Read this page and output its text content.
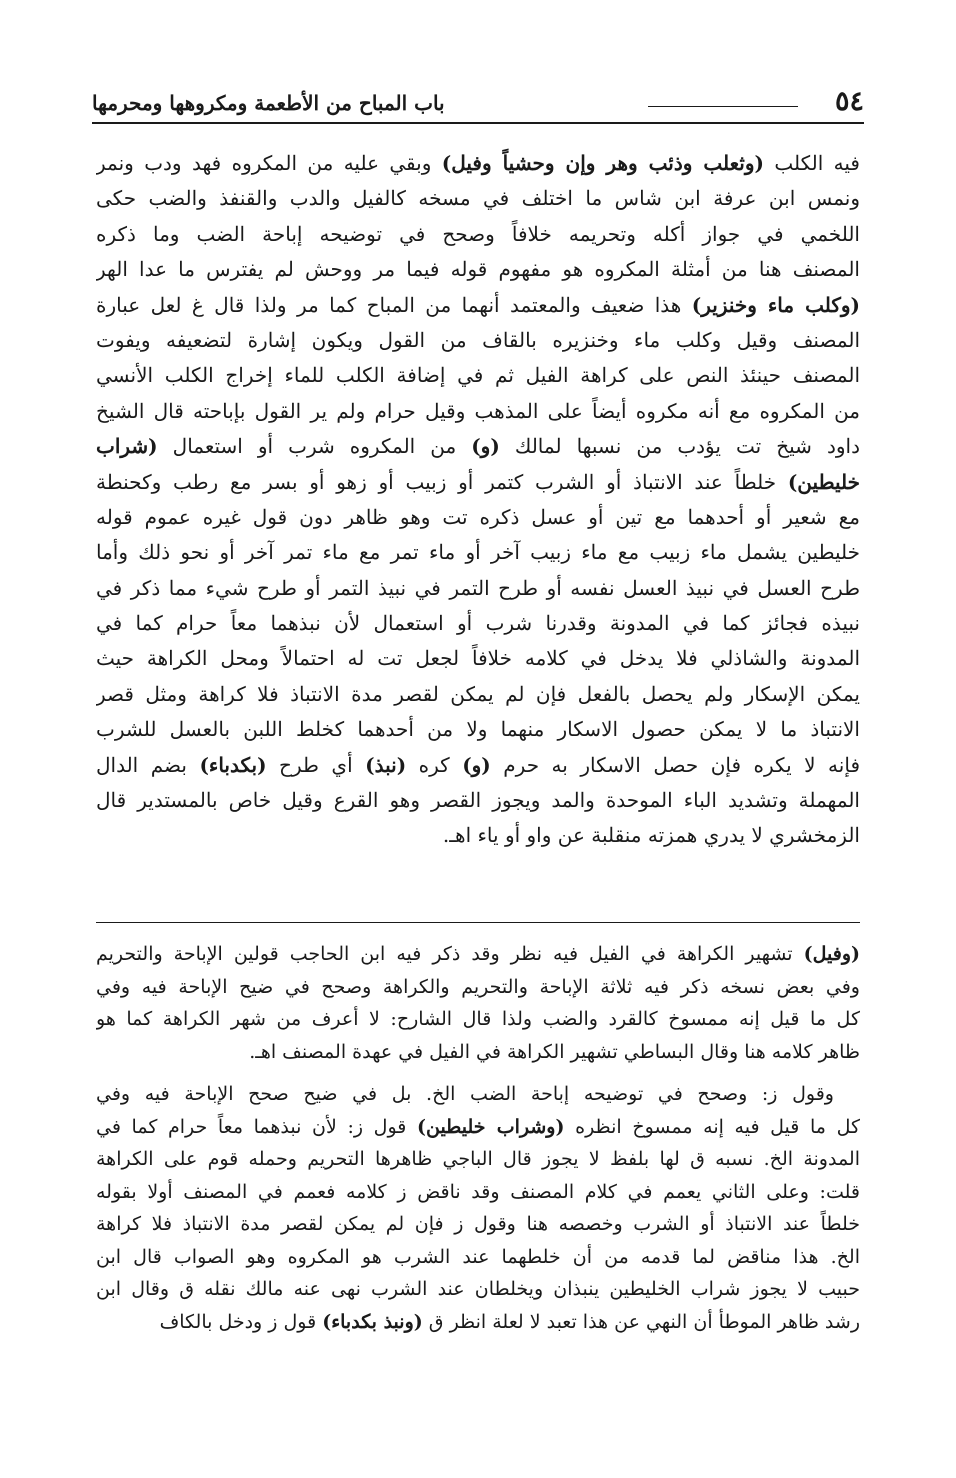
٥٤
باب المباح من الأطعمة ومكروهها ومحرمها
فيه الكلب (وثعلب وذئب وهر وإن وحشياً وفيل) وبقي عليه من المكروه فهد ودب ونمر
ونمس ابن عرفة ابن شاس ما اختلف في مسخه كالفيل والدب والقنفذ والضب حكى
اللخمي في جواز أكله وتحريمه خلافاً وصحح في توضيحه إباحة الضب وما ذكره
المصنف هنا من أمثلة المكروه هو مفهوم قوله فيما مر ووحش لم يفترس ما عدا الهر
(وكلب ماء وخنزير) هذا ضعيف والمعتمد أنهما من المباح كما مر ولذا قال غ لعل عبارة
المصنف وقيل وكلب ماء وخنزيره بالقاف من القول ويكون إشارة لتضعيفه ويفوت
المصنف حينئذ النص على كراهة الفيل ثم في إضافة الكلب للماء إخراج الكلب الأنسي
من المكروه مع أنه مكروه أيضاً على المذهب وقيل حرام ولم ير القول بإباحته قال الشيخ
داود شيخ تت يؤدب من نسبها لمالك (و) من المكروه شرب أو استعمال (شراب
خليطين) خلطاً عند الانتباذ أو الشرب كتمر أو زبيب أو زهو أو بسر مع رطب وكحنطة
مع شعير أو أحدهما مع تين أو عسل ذكره تت وهو ظاهر دون قول غيره عموم قوله
خليطين يشمل ماء زبيب مع ماء زبيب آخر أو ماء تمر مع ماء تمر آخر أو نحو ذلك وأما
طرح العسل في نبيذ العسل نفسه أو طرح التمر في نبيذ التمر أو طرح شيء مما ذكر في
نبيذه فجائز كما في المدونة وقدرنا شرب أو استعمال لأن نبذهما معاً حرام كما في
المدونة والشاذلي فلا يدخل في كلامه خلافاً لجعل تت له احتمالاً ومحل الكراهة حيث
يمكن الإسكار ولم يحصل بالفعل فإن لم يمكن لقصر مدة الانتباذ فلا كراهة ومثل قصر
الانتباذ ما لا يمكن حصول الاسكار منهما ولا من أحدهما كخلط اللبن بالعسل للشرب
فإنه لا يكره فإن حصل الاسكار به حرم (و) كره (نبذ) أي طرح (بكدباء) بضم الدال
المهملة وتشديد الباء الموحدة والمد ويجوز القصر وهو القرع وقيل خاص بالمستدير قال
الزمخشري لا يدري همزته منقلبة عن واو أو ياء اهـ.
(وفيل) تشهير الكراهة في الفيل فيه نظر وقد ذكر فيه ابن الحاجب قولين الإباحة والتحريم
وفي بعض نسخه ذكر فيه ثلاثة الإباحة والتحريم والكراهة وصحح في ضيح الإباحة فيه وفي
كل ما قيل إنه ممسوخ كالقرد والضب ولذا قال الشارح: لا أعرف من شهر الكراهة كما هو
ظاهر كلامه هنا وقال البساطي تشهير الكراهة في الفيل في عهدة المصنف اهـ.
وقول ز: وصحح في توضيحه إباحة الضب الخ. بل في ضيح صحح الإباحة فيه وفي
كل ما قيل فيه إنه ممسوخ انظره (وشراب خليطين) قول ز: لأن نبذهما معاً حرام كما في
المدونة الخ. نسبه ق لها بلفظ لا يجوز قال الباجي ظاهرها التحريم وحمله قوم على الكراهة
قلت: وعلى الثاني يعمم في كلام المصنف وقد ناقض ز كلامه فعمم في المصنف أولا بقوله
خلطاً عند الانتباذ أو الشرب وخصصه هنا وقول ز فإن لم يمكن لقصر مدة الانتباذ فلا كراهة
الخ. هذا مناقض لما قدمه من أن خلطهما عند الشرب هو المكروه وهو الصواب قال ابن
حبيب لا يجوز شراب الخليطين ينبذان ويخلطان عند الشرب نهى عنه مالك نقله ق وقال ابن
رشد ظاهر الموطأ أن النهي عن هذا تعبد لا لعلة انظر ق (ونبذ بكدباء) قول ز ودخل بالكاف
